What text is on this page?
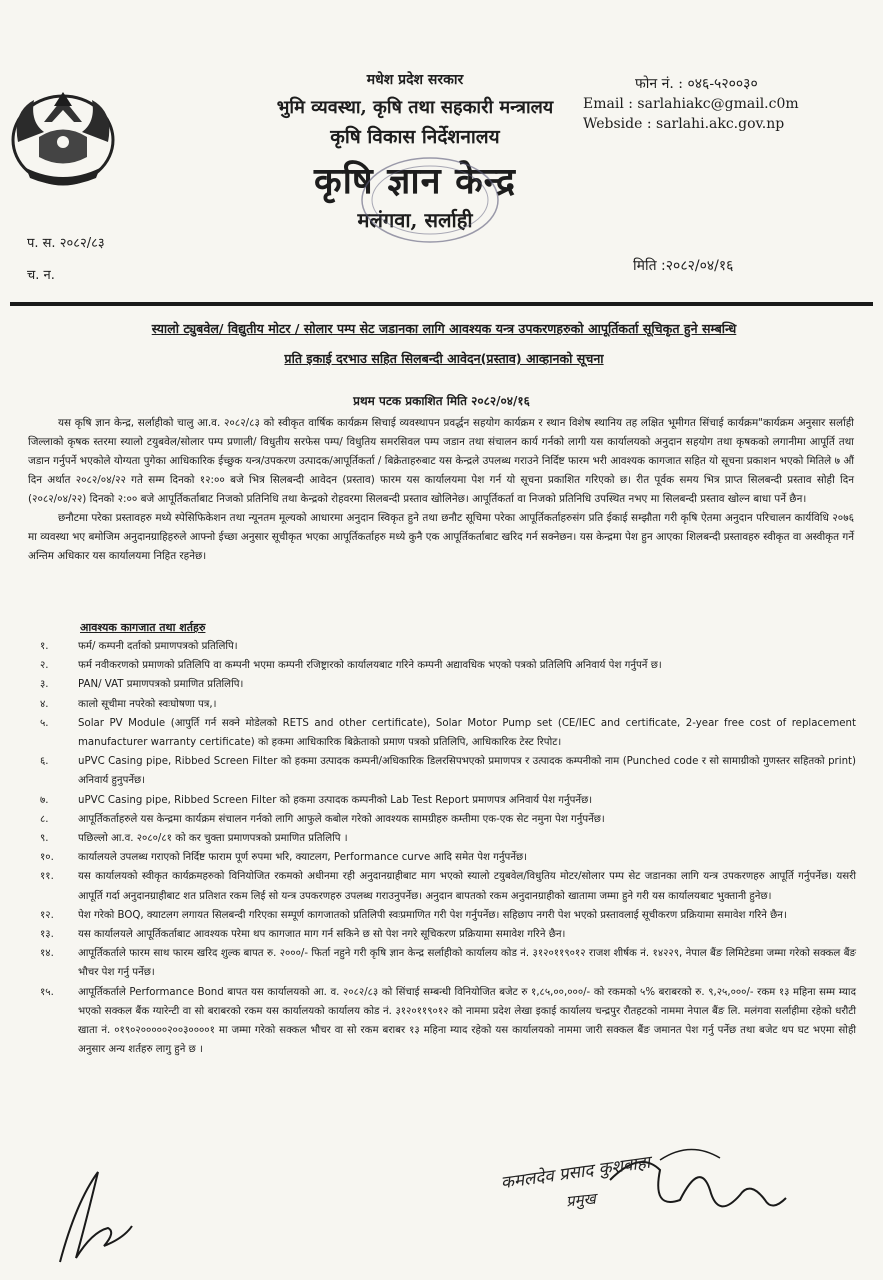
मधेश प्रदेश सरकार
भुमि व्यवस्था, कृषि तथा सहकारी मन्त्रालय
कृषि विकास निर्देशनालय
कृषि ज्ञान केन्द्र
मलंगवा, सर्लाही
फोन नं. : ०४६-५२००३०
Email : sarlahiakc@gmail.c0m
Webside : sarlahi.akc.gov.np
प. स. २०८२/८३
च. न.
मिति :२०८२/०४/१६
स्यालो ट्युबवेल/ विद्युतीय मोटर / सोलार पम्प सेट जडानका लागि आवश्यक यन्त्र उपकरणहरुको आपूर्तिकर्ता सूचिकृत हुने सम्बन्धि
प्रति इकाई दरभाउ सहित सिलबन्दी आवेदन(प्रस्ताव) आव्हानको सूचना
प्रथम पटक प्रकाशित मिति २०८२/०४/१६

यस कृषि ज्ञान केन्द्र, सर्लाहीको चालु आ.व. २०८२/८३ को स्वीकृत वार्षिक कार्यक्रम सिचाई व्यवस्थापन प्रवर्द्धन सहयोग कार्यक्रम र स्थान विशेष स्थानिय तह लक्षित भूमीगत सिंचाई कार्यक्रम"कार्यक्रम अनुसार सर्लाही जिल्लाको कृषक स्तरमा स्यालो टयुबवेल/सोलार पम्प प्रणाली/ विधुतीय सरफेस पम्प/ विधुतिय समरसिवल पम्प जडान तथा संचालन कार्य गर्नको लागी यस कार्यालयको अनुदान सहयोग तथा कृषकको लगानीमा आपूर्ति तथा जडान गर्नुपर्ने भएकोले योग्यता पुगेका आधिकारिक ईच्छुक यन्त्र/उपकरण उत्पादक/आपूर्तिकर्ता / बिक्रेताहरुबाट यस केन्द्रले उपलब्ध गराउने निर्दिष्ट फारम भरी आवश्यक कागजात सहित यो सूचना प्रकाशन भएको मितिले ७ औं दिन अर्थात २०८२/०४/२२ गते सम्म दिनको १२:०० बजे भित्र सिलबन्दी आवेदन (प्रस्ताव) फारम यस कार्यालयमा पेश गर्न यो सूचना प्रकाशित गरिएको छ। रीत पूर्वक समय भित्र प्राप्त सिलबन्दी प्रस्ताव सोही दिन (२०८२/०४/२२) दिनको २:०० बजे आपूर्तिकर्ताबाट निजको प्रतिनिधि तथा केन्द्रको रोहवरमा सिलबन्दी प्रस्ताव खोलिनेछ। आपूर्तिकर्ता वा निजको प्रतिनिधि उपस्थित नभए मा सिलबन्दी प्रस्ताव खोल्न बाधा पर्ने छैन।

छनौटमा परेका प्रस्तावहरु मध्ये स्पेसिफिकेशन तथा न्यूनतम मूल्यको आधारमा अनुदान स्विकृत हुने तथा छनौट सूचिमा परेका आपूर्तिकर्ताहरुसंग प्रति ईकाई सम्झौता गरी कृषि ऐतमा अनुदान परिचालन कार्यविधि २०७६ मा व्यवस्था भए बमोजिम अनुदानग्राहिहरुले आफ्नो ईच्छा अनुसार सूचीकृत भएका आपूर्तिकर्ताहरु मध्ये कुनै एक आपूर्तिकर्ताबाट खरिद गर्न सक्नेछन। यस केन्द्रमा पेश हुन आएका शिलबन्दी प्रस्तावहरु स्वीकृत वा अस्वीकृत गर्ने अन्तिम अधिकार यस कार्यालयमा निहित रहनेछ।

आवश्यक कागजात तथा शर्तहरु
१.	फर्म/ कम्पनी दर्ताको प्रमाणपत्रको प्रतिलिपि।
२.	फर्म नवीकरणको प्रमाणको प्रतिलिपि वा कम्पनी भएमा कम्पनी रजिष्ट्रारको कार्यालयबाट गरिने कम्पनी अद्यावधिक भएको पत्रको प्रतिलिपि अनिवार्य पेश गर्नुपर्ने छ।
३.	PAN/ VAT प्रमाणपत्रको प्रमाणित प्रतिलिपि।
४.	कालो सूचीमा नपरेको स्वःघोषणा पत्र,।
५.	Solar PV Module (आपुर्ति गर्न सक्ने मोडेलको RETS and other certificate), Solar Motor Pump set (CE/IEC and certificate, 2-year free cost of replacement manufacturer warranty certificate) को हकमा आधिकारिक बिक्रेताको प्रमाण पत्रको प्रतिलिपि, आधिकारिक टेस्ट रिपोट।
६.	uPVC Casing pipe, Ribbed Screen Filter को हकमा उत्पादक कम्पनी/अधिकारिक डिलरसिपभएको प्रमाणपत्र र उत्पादक कम्पनीको नाम (Punched code र सो सामाग्रीको गुणस्तर सहितको print) अनिवार्य हुनुपर्नेछ।
७.	uPVC Casing pipe, Ribbed Screen Filter को हकमा उत्पादक कम्पनीको Lab Test Report प्रमाणपत्र अनिवार्य पेश गर्नुपर्नेछ।
८.	आपूर्तिकर्ताहरुले यस केन्द्रमा कार्यक्रम संचालन गर्नको लागि आफुले कबोल गरेको आवश्यक सामग्रीहरु कम्तीमा एक-एक सेट नमुना पेश गर्नुपर्नेछ।
९.	पछिल्लो आ.व. २०८०/८१ को कर चुक्ता प्रमाणपत्रको प्रमाणित प्रतिलिपि ।
१०.	कार्यालयले उपलब्ध गराएको निर्दिष्ट फाराम पूर्ण रुपमा भरि, क्याटलग, Performance curve आदि समेत पेश गर्नुपर्नेछ।
११.	यस कार्यालयको स्वीकृत कार्यक्रमहरुको विनियोजित रकमको अधीनमा रही अनुदानग्राहीबाट माग भएको स्यालो टयुबवेल/विधुतिय मोटर/सोलार पम्प सेट जडानका लागि यन्त्र उपकरणहरु आपूर्ति गर्नुपर्नेछ। यसरी आपूर्ति गर्दा अनुदानग्राहीबाट शत प्रतिशत रकम लिई सो यन्त्र उपकरणहरु उपलब्ध गराउनुपर्नेछ। अनुदान बापतको रकम अनुदानग्राहीको खातामा जम्मा हुने गरी यस कार्यालयबाट भुक्तानी हुनेछ।
१२.	पेश गरेको BOQ, क्याटलग लगायत सिलबन्दी गरिएका सम्पूर्ण कागजातको प्रतिलिपी स्वःप्रमाणित गरी पेश गर्नुपर्नेछ। सहिछाप नगरी पेश भएको प्रस्तावलाई सूचीकरण प्रक्रियामा समावेश गरिने छैन।
१३.	यस कार्यालयले आपूर्तिकर्ताबाट आवश्यक परेमा थप कागजात माग गर्न सकिने छ सो पेश नगरे सूचिकरण प्रक्रियामा समावेश गरिने छैन।
१४.	आपूर्तिकर्ताले फारम साथ फारम खरिद शुल्क बापत रु. २०००/- फिर्ता नहुने गरी कृषि ज्ञान केन्द्र सर्लाहीको कार्यालय कोड नं. ३१२०११९०१२ राजश शीर्षक नं. १४२२९, नेपाल बैंङ लिमिटेडमा जम्मा गरेको सक्कल बैंङ भौचर पेश गर्नु पर्नेछ।
१५.	आपूर्तिकर्ताले Performance Bond बापत यस कार्यालयको आ. व. २०८२/८३ को सिंचाई सम्बन्धी विनियोजित बजेट रु १,८५,००,०००/- को रकमको ५% बराबरको रु. ९,२५,०००/- रकम १३ महिना सम्म म्याद भएको सक्कल बैंक ग्यारेन्टी वा सो बराबरको रकम यस कार्यालयको कार्यालय कोड नं. ३१२०११९०१२ को नाममा प्रदेश लेखा इकाई कार्यालय चन्द्रपुर रौतहटको नाममा नेपाल बैंङ लि. मलंगवा सर्लाहीमा रहेको धरौटी खाता नं. ०१९०२०००००२००३००००१ मा जम्मा गरेको सक्कल भौचर वा सो रकम बराबर १३ महिना म्याद रहेको यस कार्यालयको नाममा जारी सक्कल बैंङ जमानत पेश गर्नु पर्नेछ तथा बजेट थप घट भएमा सोही अनुसार अन्य शर्तहरु लागु हुने छ ।
कमलदेव प्रसाद कुशवाहा
प्रमुख
